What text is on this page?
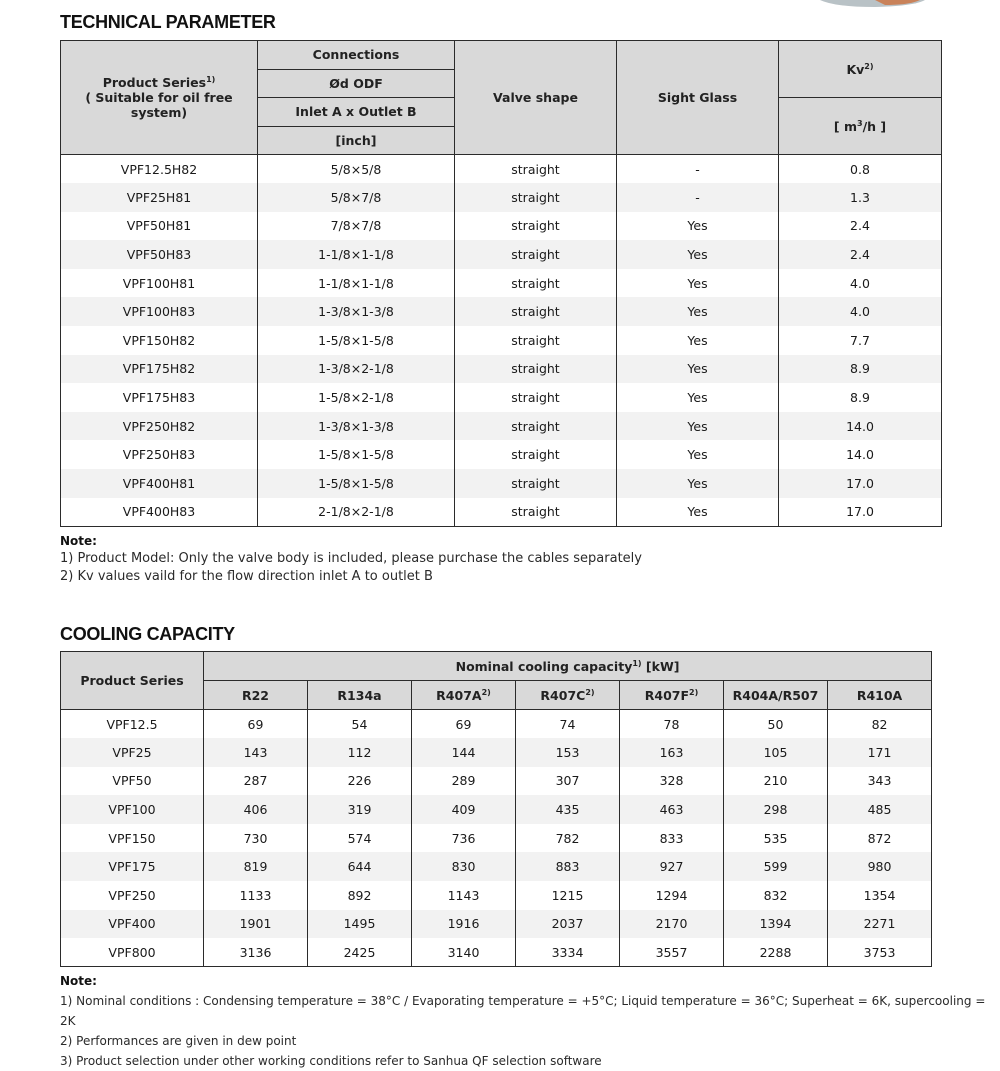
TECHNICAL PARAMETER
Product Series$^{1)}$
( Suitable for oil free system)	Connections	Valve shape	Sight Glass	Kv$^{2)}$
	Ød ODF			
	Inlet A x Outlet B			[ $m^3/h$ ]
	[inch]			
VPF12.5H82	5/8×5/8	straight	-	0.8
VPF25H81	5/8×7/8	straight	-	1.3
VPF50H81	7/8×7/8	straight	Yes	2.4
VPF50H83	1-1/8×1-1/8	straight	Yes	2.4
VPF100H81	1-1/8×1-1/8	straight	Yes	4.0
VPF100H83	1-3/8×1-3/8	straight	Yes	4.0
VPF150H82	1-5/8×1-5/8	straight	Yes	7.7
VPF175H82	1-3/8×2-1/8	straight	Yes	8.9
VPF175H83	1-5/8×2-1/8	straight	Yes	8.9
VPF250H82	1-3/8×1-3/8	straight	Yes	14.0
VPF250H83	1-5/8×1-5/8	straight	Yes	14.0
VPF400H81	1-5/8×1-5/8	straight	Yes	17.0
VPF400H83	2-1/8×2-1/8	straight	Yes	17.0
Note:
1) Product Model: Only the valve body is included, please purchase the cables separately
2) Kv values vaild for the flow direction inlet A to outlet B
COOLING CAPACITY
Product Series	Nominal cooling capacity$^{1)}$ [kW]						
	R22	R134a	$R407A^{2)}$	$R407C^{2)}$	$R407F^{2)}$	R404A/R507	R410A
VPF12.5	69	54	69	74	78	50	82
VPF25	143	112	144	153	163	105	171
VPF50	287	226	289	307	328	210	343
VPF100	406	319	409	435	463	298	485
VPF150	730	574	736	782	833	535	872
VPF175	819	644	830	883	927	599	980
VPF250	1133	892	1143	1215	1294	832	1354
VPF400	1901	1495	1916	2037	2170	1394	2271
VPF800	3136	2425	3140	3334	3557	2288	3753
Note:
1) Nominal conditions : Condensing temperature = 38°C / Evaporating temperature = +5°C; Liquid temperature = 36°C; Superheat = 6K, supercooling = 2K
2) Performances are given in dew point
3) Product selection under other working conditions refer to Sanhua QF selection software
